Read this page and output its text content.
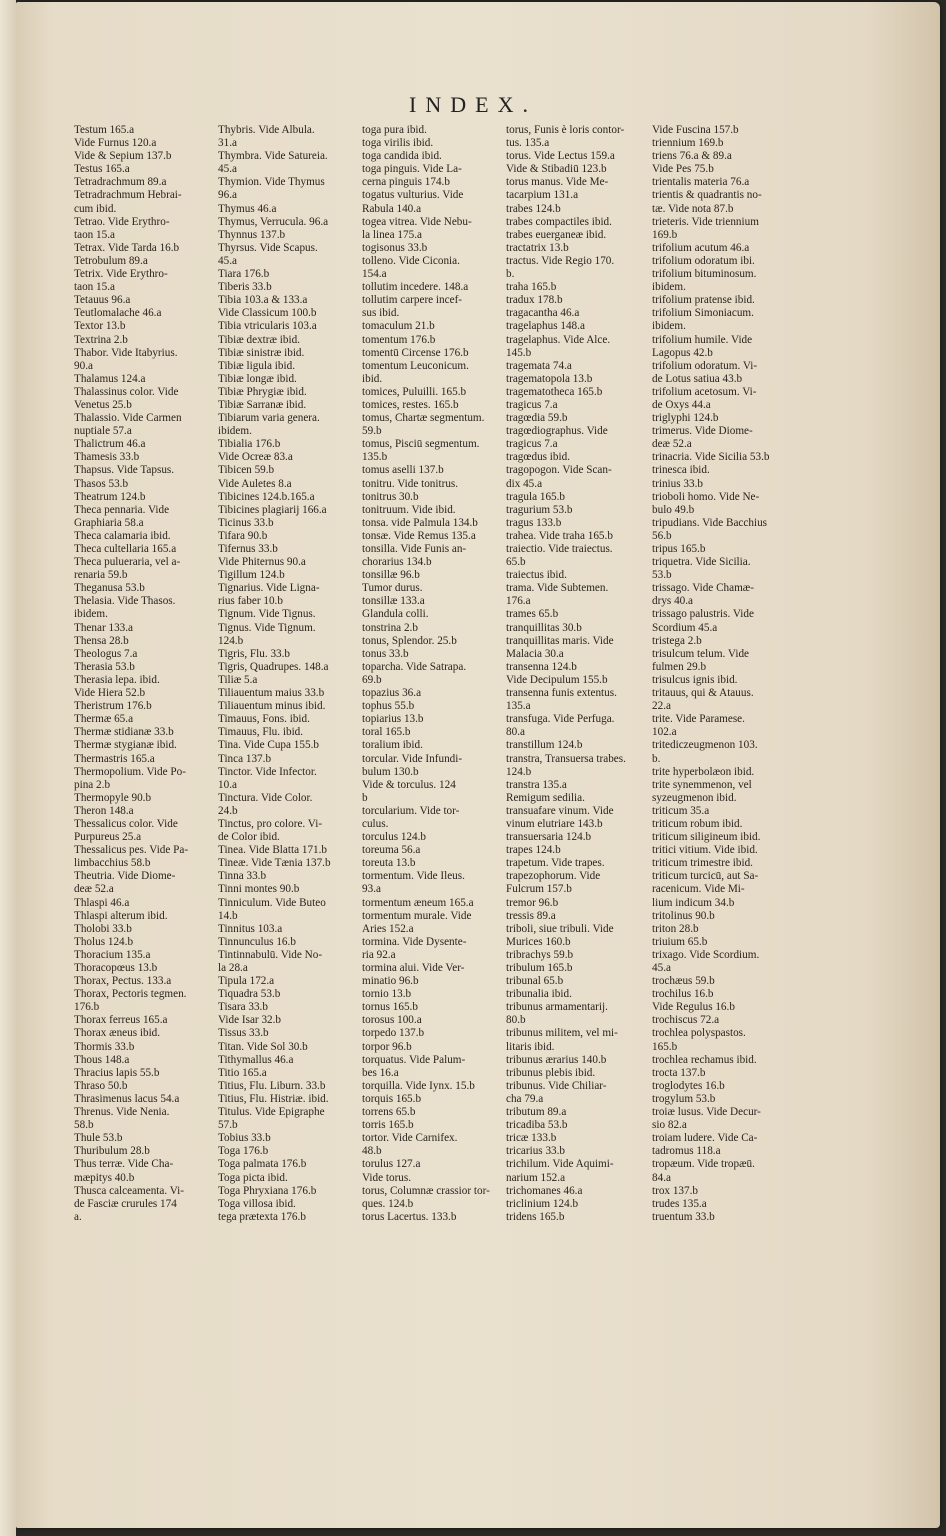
INDEX.
Testum 165.a
Vide Furnus 120.a
Vide & Sepium 137.b
Testus 165.a
Tetradrachmum 89.a
Tetradrachmum Hebrai-
cum ibid.
Tetrao. Vide Erythro-
taon 15.a
Tetrax. Vide Tarda 16.b
Tetrobulum 89.a
Tetrix. Vide Erythro-
taon 15.a
Tetauus 96.a
Teutlomalache 46.a
Textor 13.b
Textrina 2.b
Thabor. Vide Itabyrius.
90.a
Thalamus 124.a
Thalassinus color. Vide
Venetus 25.b
Thalassio. Vide Carmen
nuptiale 57.a
Thalictrum 46.a
Thamesis 33.b
Thapsus. Vide Tapsus.
Thasos 53.b
Theatrum 124.b
Theca pennaria. Vide
Graphiaria 58.a
Theca calamaria ibid.
Theca cultellaria 165.a
Theca pulueraria, vel a-
renaria 59.b
Theganusa 53.b
Thelasia. Vide Thasos.
ibidem.
Thenar 133.a
Thensa 28.b
Theologus 7.a
Therasia 53.b
Therasia lepa. ibid.
Vide Hiera 52.b
Theristrum 176.b
Thermæ 65.a
Thermæ stidianæ 33.b
Thermæ stygianæ ibid.
Thermastris 165.a
Thermopolium. Vide Po-
pina 2.b
Thermopyle 90.b
Theron 148.a
Thessalicus color. Vide
Purpureus 25.a
Thessalicus pes. Vide Pa-
limbacchius 58.b
Theutria. Vide Diome-
deæ 52.a
Thlaspi 46.a
Thlaspi alterum ibid.
Tholobi 33.b
Tholus 124.b
Thoracium 135.a
Thoracopœus 13.b
Thorax, Pectus. 133.a
Thorax, Pectoris tegmen.
176.b
Thorax ferreus 165.a
Thorax æneus ibid.
Thormis 33.b
Thous 148.a
Thracius lapis 55.b
Thraso 50.b
Thrasimenus lacus 54.a
Threnus. Vide Nenia.
58.b
Thule 53.b
Thuribulum 28.b
Thus terræ. Vide Cha-
mæpitys 40.b
Thusca calceamenta. Vi-
de Fasciæ crurules 174
a.
Thybris. Vide Albula.
31.a
Thymbra. Vide Satureia.
45.a
Thymion. Vide Thymus
96.a
Thymus 46.a
Thymus, Verrucula. 96.a
Thynnus 137.b
Thyrsus. Vide Scapus.
45.a
Tiara 176.b
Tiberis 33.b
Tibia 103.a & 133.a
Vide Classicum 100.b
Tibia vtricularis 103.a
Tibiæ dextræ ibid.
Tibiæ sinistræ ibid.
Tibiæ ligula ibid.
Tibiæ longæ ibid.
Tibiæ Phrygiæ ibid.
Tibiæ Sarranæ ibid.
Tibiarum varia genera.
ibidem.
Tibialia 176.b
Vide Ocreæ 83.a
Tibicen 59.b
Vide Auletes 8.a
Tibicines 124.b.165.a
Tibicines plagiarij 166.a
Ticinus 33.b
Tifara 90.b
Tifernus 33.b
Vide Phiternus 90.a
Tigillum 124.b
Tignarius. Vide Ligna-
rius faber 10.b
Tignum. Vide Tignus.
Tignus. Vide Tignum.
124.b
Tigris, Flu. 33.b
Tigris, Quadrupes. 148.a
Tiliæ 5.a
Tiliauentum maius 33.b
Tiliauentum minus ibid.
Timauus, Fons. ibid.
Timauus, Flu. ibid.
Tina. Vide Cupa 155.b
Tinca 137.b
Tinctor. Vide Infector.
10.a
Tinctura. Vide Color.
24.b
Tinctus, pro colore. Vi-
de Color ibid.
Tinea. Vide Blatta 171.b
Tineæ. Vide Tænia 137.b
Tinna 33.b
Tinni montes 90.b
Tinniculum. Vide Buteo
14.b
Tinnitus 103.a
Tinnunculus 16.b
Tintinnabulū. Vide No-
la 28.a
Tipula 172.a
Tiquadra 53.b
Tisara 33.b
Vide Isar 32.b
Tissus 33.b
Titan. Vide Sol 30.b
Tithymallus 46.a
Titio 165.a
Titius, Flu. Liburn. 33.b
Titius, Flu. Histriæ. ibid.
Titulus. Vide Epigraphe
57.b
Tobius 33.b
Toga 176.b
Toga palmata 176.b
Toga picta ibid.
Toga Phryxiana 176.b
Toga villosa ibid.
tega prætexta 176.b
toga pura ibid.
toga virilis ibid.
toga candida ibid.
toga pinguis. Vide La-
cerna pinguis 174.b
togatus vulturius. Vide
Rabula 140.a
togea vitrea. Vide Nebu-
la linea 175.a
togisonus 33.b
tolleno. Vide Ciconia.
154.a
tollutim incedere. 148.a
tollutim carpere incef-
sus ibid.
tomaculum 21.b
tomentum 176.b
tomentū Circense 176.b
tomentum Leuconicum.
ibid.
tomices, Puluilli. 165.b
tomices, restes. 165.b
tomus, Chartæ segmentum.
59.b
tomus, Pisciū segmentum.
135.b
tomus aselli 137.b
tonitru. Vide tonitrus.
tonitrus 30.b
tonitruum. Vide ibid.
tonsa. vide Palmula 134.b
tonsæ. Vide Remus 135.a
tonsilla. Vide Funis an-
chorarius 134.b
tonsillæ 96.b
Tumor durus.
tonsillæ 133.a
Glandula colli.
tonstrina 2.b
tonus, Splendor. 25.b
tonus 33.b
toparcha. Vide Satrapa.
69.b
topazius 36.a
tophus 55.b
topiarius 13.b
toral 165.b
toralium ibid.
torcular. Vide Infundi-
bulum 130.b
Vide & torculus. 124
b
torcularium. Vide tor-
culus.
torculus 124.b
toreuma 56.a
toreuta 13.b
tormentum. Vide Ileus.
93.a
tormentum æneum 165.a
tormentum murale. Vide
Aries 152.a
tormina. Vide Dysente-
ria 92.a
tormina alui. Vide Ver-
minatio 96.b
tornio 13.b
tornus 165.b
torosus 100.a
torpedo 137.b
torpor 96.b
torquatus. Vide Palum-
bes 16.a
torquilla. Vide Iynx. 15.b
torquis 165.b
torrens 65.b
torris 165.b
tortor. Vide Carnifex.
48.b
torulus 127.a
Vide torus.
torus, Columnæ crassior tor-
ques. 124.b
torus Lacertus. 133.b
torus, Funis è loris contor-
tus. 135.a
torus. Vide Lectus 159.a
Vide & Stibadiū 123.b
torus manus. Vide Me-
tacarpium 131.a
trabes 124.b
trabes compactiles ibid.
trabes euerganeæ ibid.
tractatrix 13.b
tractus. Vide Regio 170.
b.
traha 165.b
tradux 178.b
tragacantha 46.a
tragelaphus 148.a
tragelaphus. Vide Alce.
145.b
tragemata 74.a
tragematopola 13.b
tragematotheca 165.b
tragicus 7.a
tragœdia 59.b
tragœdiographus. Vide
tragicus 7.a
tragœdus ibid.
tragopogon. Vide Scan-
dix 45.a
tragula 165.b
tragurium 53.b
tragus 133.b
trahea. Vide traha 165.b
traiectio. Vide traiectus.
65.b
traiectus ibid.
trama. Vide Subtemen.
176.a
trames 65.b
tranquillitas 30.b
tranquillitas maris. Vide
Malacia 30.a
transenna 124.b
Vide Decipulum 155.b
transenna funis extentus.
135.a
transfuga. Vide Perfuga.
80.a
transtillum 124.b
transtra, Transuersa trabes.
124.b
transtra 135.a
Remigum sedilia.
transuafare vinum. Vide
vinum elutriare 143.b
transuersaria 124.b
trapes 124.b
trapetum. Vide trapes.
trapezophorum. Vide
Fulcrum 157.b
tremor 96.b
tressis 89.a
triboli, siue tribuli. Vide
Murices 160.b
tribrachys 59.b
tribulum 165.b
tribunal 65.b
tribunalia ibid.
tribunus armamentarij.
80.b
tribunus militem, vel mi-
litaris ibid.
tribunus ærarius 140.b
tribunus plebis ibid.
tribunus. Vide Chiliar-
cha 79.a
tributum 89.a
tricadiba 53.b
tricæ 133.b
tricarius 33.b
trichilum. Vide Aquimi-
narium 152.a
trichomanes 46.a
triclinium 124.b
tridens 165.b
Vide Fuscina 157.b
triennium 169.b
triens 76.a & 89.a
Vide Pes 75.b
trientalis materia 76.a
trientis & quadrantis no-
tæ. Vide nota 87.b
trieteris. Vide triennium
169.b
trifolium acutum 46.a
trifolium odoratum ibi.
trifolium bituminosum.
ibidem.
trifolium pratense ibid.
trifolium Simoniacum.
ibidem.
trifolium humile. Vide
Lagopus 42.b
trifolium odoratum. Vi-
de Lotus satiua 43.b
trifolium acetosum. Vi-
de Oxys 44.a
triglyphi 124.b
trimerus. Vide Diome-
deæ 52.a
trinacria. Vide Sicilia 53.b
trinesca ibid.
trinius 33.b
trioboli homo. Vide Ne-
bulo 49.b
tripudians. Vide Bacchius
56.b
tripus 165.b
triquetra. Vide Sicilia.
53.b
trissago. Vide Chamæ-
drys 40.a
trissago palustris. Vide
Scordium 45.a
tristega 2.b
trisulcum telum. Vide
fulmen 29.b
trisulcus ignis ibid.
tritauus, qui & Atauus.
22.a
trite. Vide Paramese.
102.a
tritediczeugmenon 103.
b.
trite hyperbolæon ibid.
trite synemmenon, vel
syzeugmenon ibid.
triticum 35.a
triticum robum ibid.
triticum siligineum ibid.
tritici vitium. Vide ibid.
triticum trimestre ibid.
triticum turcicū, aut Sa-
racenicum. Vide Mi-
lium indicum 34.b
tritolinus 90.b
triton 28.b
triuium 65.b
trixago. Vide Scordium.
45.a
trochæus 59.b
trochilus 16.b
Vide Regulus 16.b
trochiscus 72.a
trochlea polyspastos.
165.b
trochlea rechamus ibid.
trocta 137.b
troglodytes 16.b
trogylum 53.b
troiæ lusus. Vide Decur-
sio 82.a
troiam ludere. Vide Ca-
tadromus 118.a
tropæum. Vide tropæū.
84.a
trox 137.b
trudes 135.a
truentum 33.b
